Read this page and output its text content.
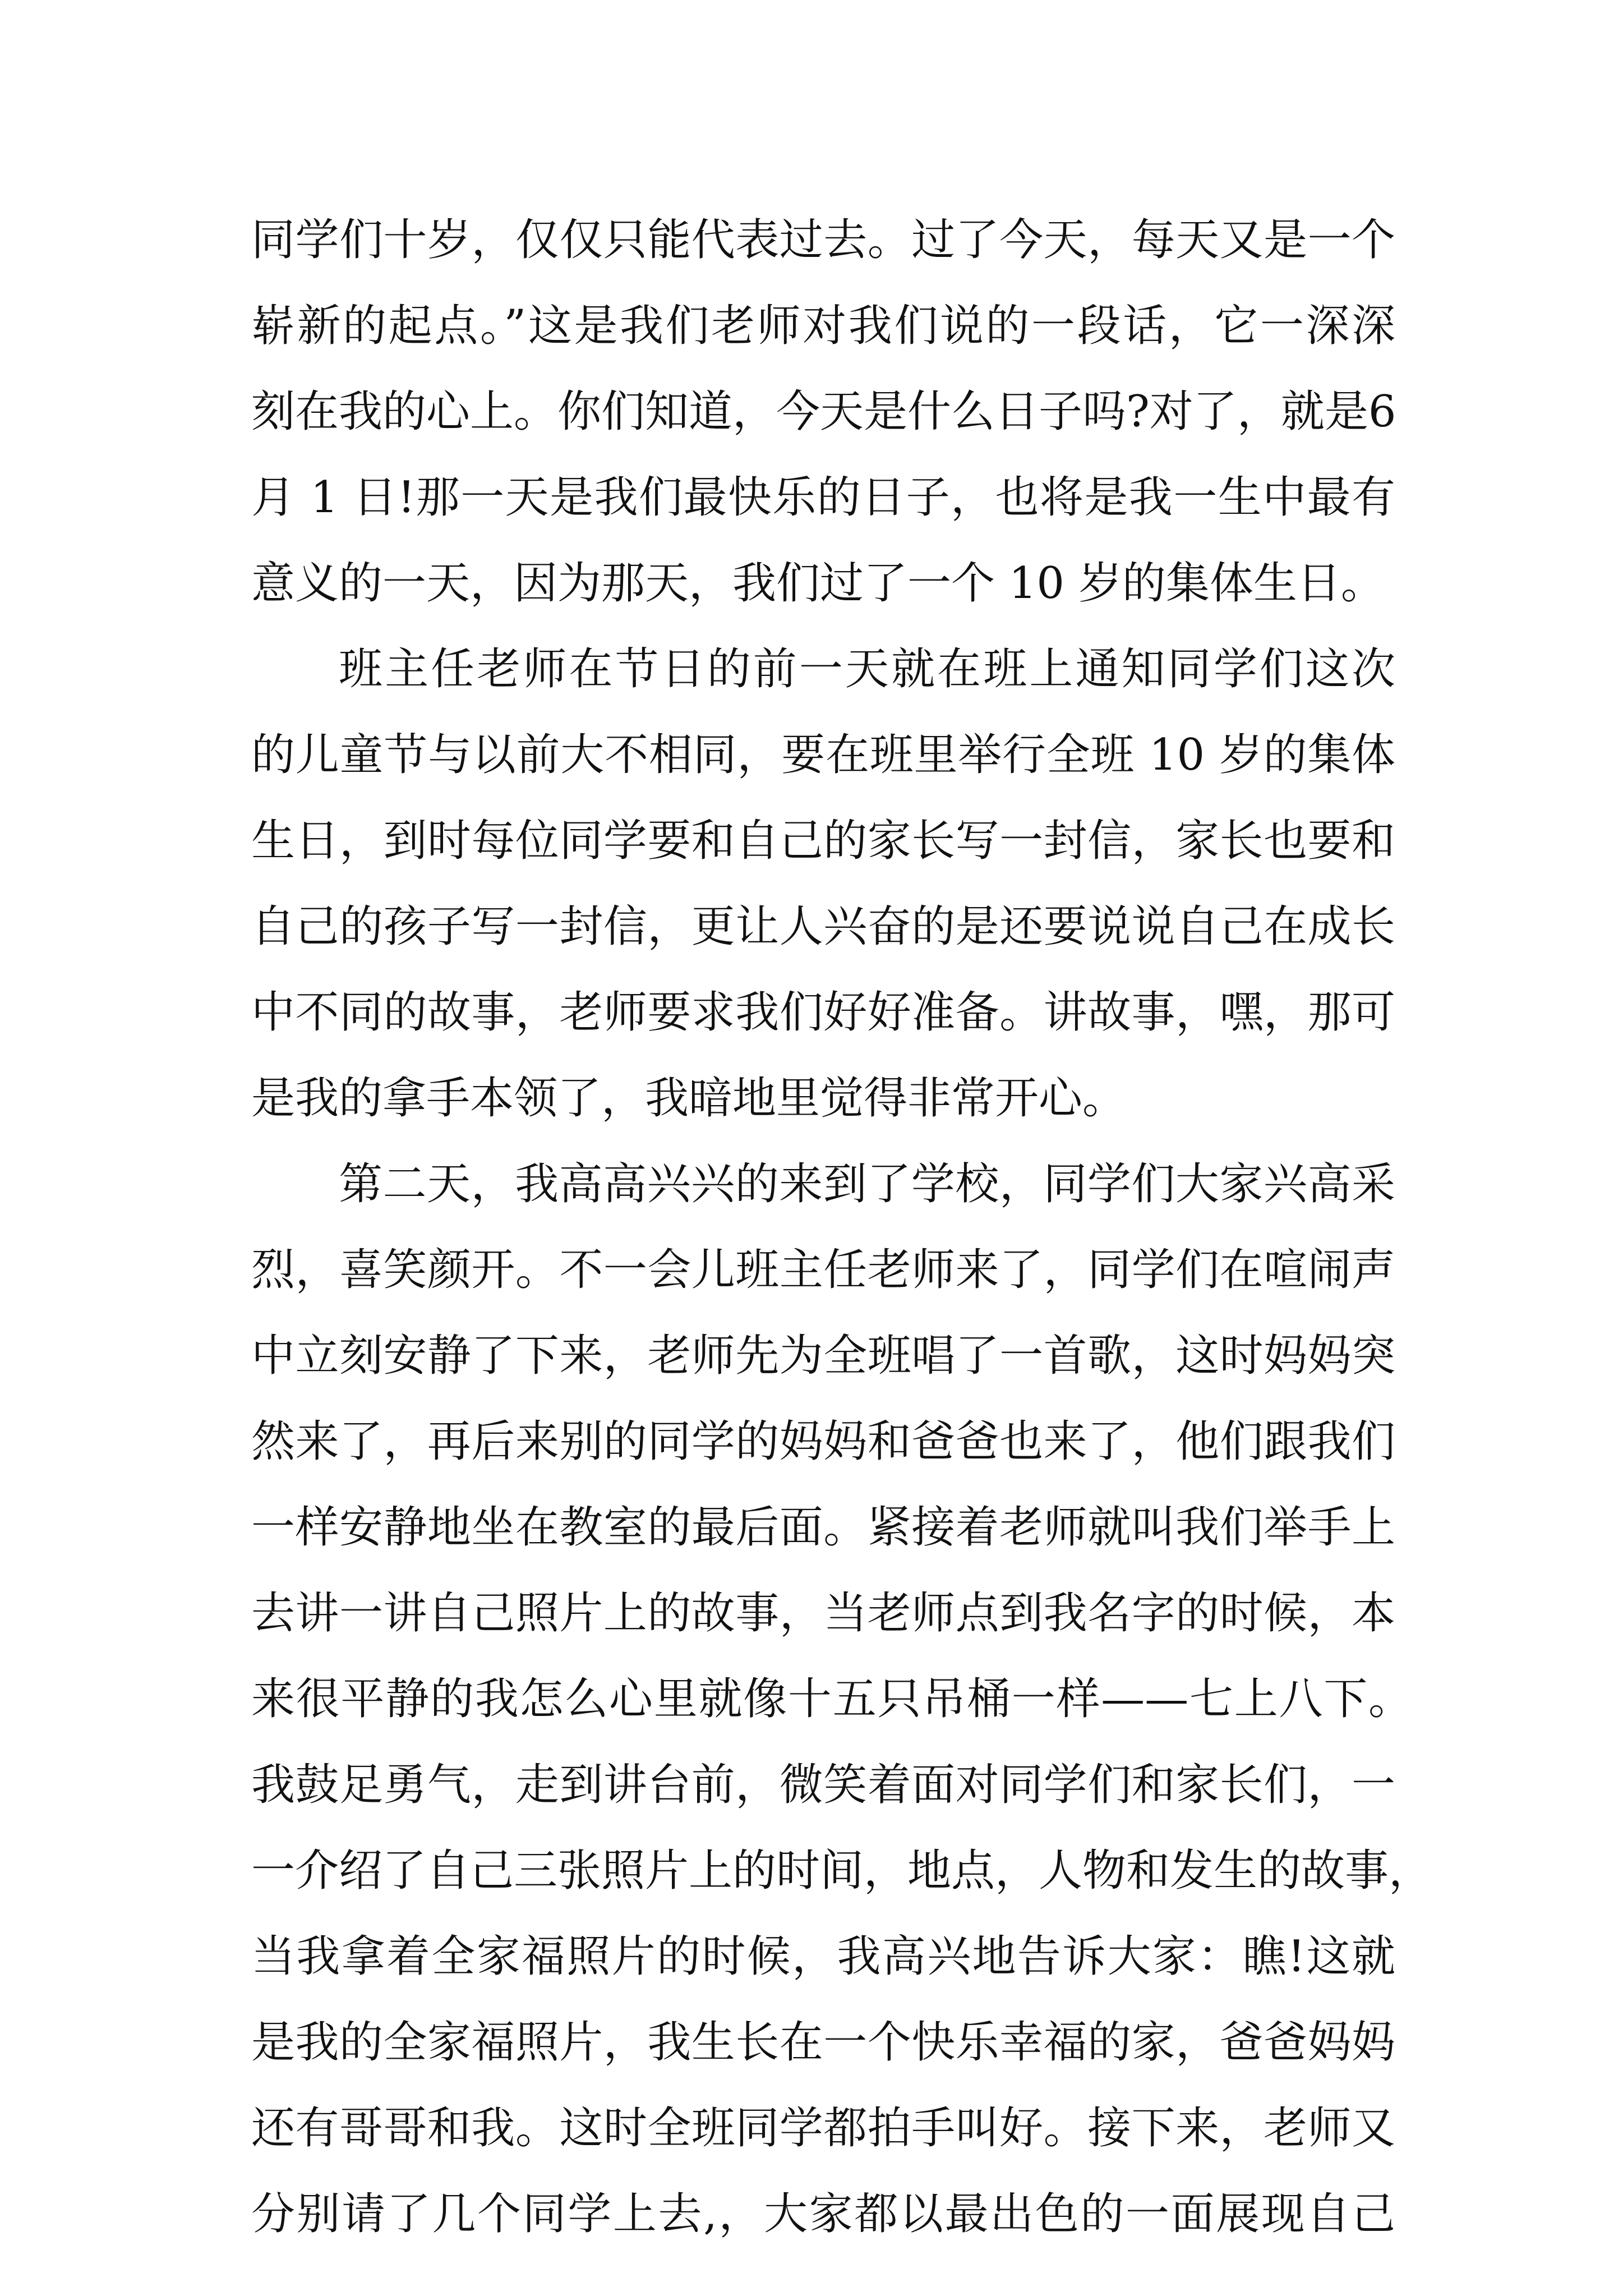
同学们十岁，仅仅只能代表过去。过了今天，每天又是一个
崭新的起点。”这是我们老师对我们说的一段话，它一深深
刻在我的心上。你们知道，今天是什么日子吗?对了，就是6
月 1 日!那一天是我们最快乐的日子，也将是我一生中最有
意义的一天，因为那天，我们过了一个 10 岁的集体生日。
班主任老师在节日的前一天就在班上通知同学们这次
的儿童节与以前大不相同，要在班里举行全班 10 岁的集体
生日，到时每位同学要和自己的家长写一封信，家长也要和
自己的孩子写一封信，更让人兴奋的是还要说说自己在成长
中不同的故事，老师要求我们好好准备。讲故事，嘿，那可
是我的拿手本领了，我暗地里觉得非常开心。
第二天，我高高兴兴的来到了学校，同学们大家兴高采
烈，喜笑颜开。不一会儿班主任老师来了，同学们在喧闹声
中立刻安静了下来，老师先为全班唱了一首歌，这时妈妈突
然来了，再后来别的同学的妈妈和爸爸也来了，他们跟我们
一样安静地坐在教室的最后面。紧接着老师就叫我们举手上
去讲一讲自己照片上的故事，当老师点到我名字的时候，本
来很平静的我怎么心里就像十五只吊桶一样——七上八下。
我鼓足勇气，走到讲台前，微笑着面对同学们和家长们，一
一介绍了自己三张照片上的时间，地点，人物和发生的故事，
当我拿着全家福照片的时候，我高兴地告诉大家：瞧!这就
是我的全家福照片，我生长在一个快乐幸福的家，爸爸妈妈
还有哥哥和我。这时全班同学都拍手叫好。接下来，老师又
分别请了几个同学上去,，大家都以最出色的一面展现自己
